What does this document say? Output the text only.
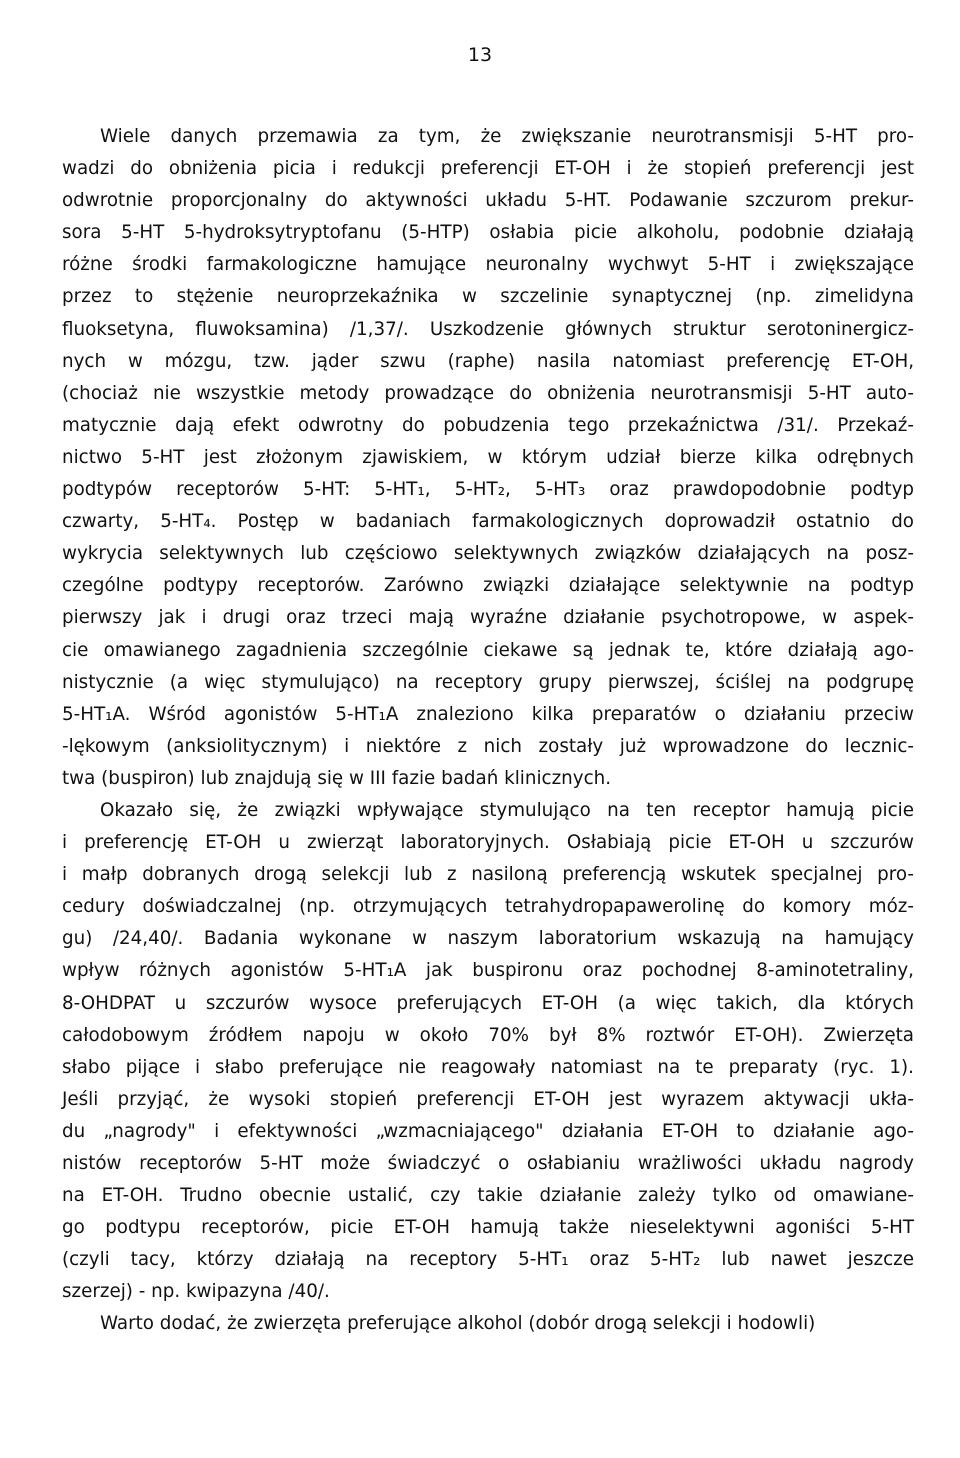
13
Wiele danych przemawia za tym, że zwiększanie neurotransmisji 5-HT pro-
wadzi do obniżenia picia i redukcji preferencji ET-OH i że stopień preferencji jest
odwrotnie proporcjonalny do aktywności układu 5-HT. Podawanie szczurom prekur-
sora 5-HT 5-hydroksytryptofanu (5-HTP) osłabia picie alkoholu, podobnie działają
różne środki farmakologiczne hamujące neuronalny wychwyt 5-HT i zwiększające
przez to stężenie neuroprzekaźnika w szczelinie synaptycznej (np. zimelidyna
fluoksetyna, fluwoksamina) /1,37/. Uszkodzenie głównych struktur serotoninergicz-
nych w mózgu, tzw. jąder szwu (raphe) nasila natomiast preferencję ET-OH,
(chociaż nie wszystkie metody prowadzące do obniżenia neurotransmisji 5-HT auto-
matycznie dają efekt odwrotny do pobudzenia tego przekaźnictwa /31/. Przekaź-
nictwo 5-HT jest złożonym zjawiskiem, w którym udział bierze kilka odrębnych
podtypów receptorów 5-HT: 5-HT₁, 5-HT₂, 5-HT₃ oraz prawdopodobnie podtyp
czwarty, 5-HT₄. Postęp w badaniach farmakologicznych doprowadził ostatnio do
wykrycia selektywnych lub częściowo selektywnych związków działających na posz-
czególne podtypy receptorów. Zarówno związki działające selektywnie na podtyp
pierwszy jak i drugi oraz trzeci mają wyraźne działanie psychotropowe, w aspek-
cie omawianego zagadnienia szczególnie ciekawe są jednak te, które działają ago-
nistycznie (a więc stymulująco) na receptory grupy pierwszej, ściślej na podgrupę
5-HT₁A. Wśród agonistów 5-HT₁A znaleziono kilka preparatów o działaniu przeciw
-lękowym (anksiolitycznym) i niektóre z nich zostały już wprowadzone do lecznic-
twa (buspiron) lub znajdują się w III fazie badań klinicznych.
Okazało się, że związki wpływające stymulująco na ten receptor hamują picie
i preferencję ET-OH u zwierząt laboratoryjnych. Osłabiają picie ET-OH u szczurów
i małp dobranych drogą selekcji lub z nasiloną preferencją wskutek specjalnej pro-
cedury doświadczalnej (np. otrzymujących tetrahydropapawerolinę do komory móz-
gu) /24,40/. Badania wykonane w naszym laboratorium wskazują na hamujący
wpływ różnych agonistów 5-HT₁A jak buspironu oraz pochodnej 8-aminotetraliny,
8-OHDPAT u szczurów wysoce preferujących ET-OH (a więc takich, dla których
całodobowym źródłem napoju w około 70% był 8% roztwór ET-OH). Zwierzęta
słabo pijące i słabo preferujące nie reagowały natomiast na te preparaty (ryc. 1).
Jeśli przyjąć, że wysoki stopień preferencji ET-OH jest wyrazem aktywacji ukła-
du „nagrody" i efektywności „wzmacniającego" działania ET-OH to działanie ago-
nistów receptorów 5-HT może świadczyć o osłabianiu wrażliwości układu nagrody
na ET-OH. Trudno obecnie ustalić, czy takie działanie zależy tylko od omawiane-
go podtypu receptorów, picie ET-OH hamują także nieselektywni agoniści 5-HT
(czyli tacy, którzy działają na receptory 5-HT₁ oraz 5-HT₂ lub nawet jeszcze
szerzej) - np. kwipazyna /40/.
Warto dodać, że zwierzęta preferujące alkohol (dobór drogą selekcji i hodowli)
